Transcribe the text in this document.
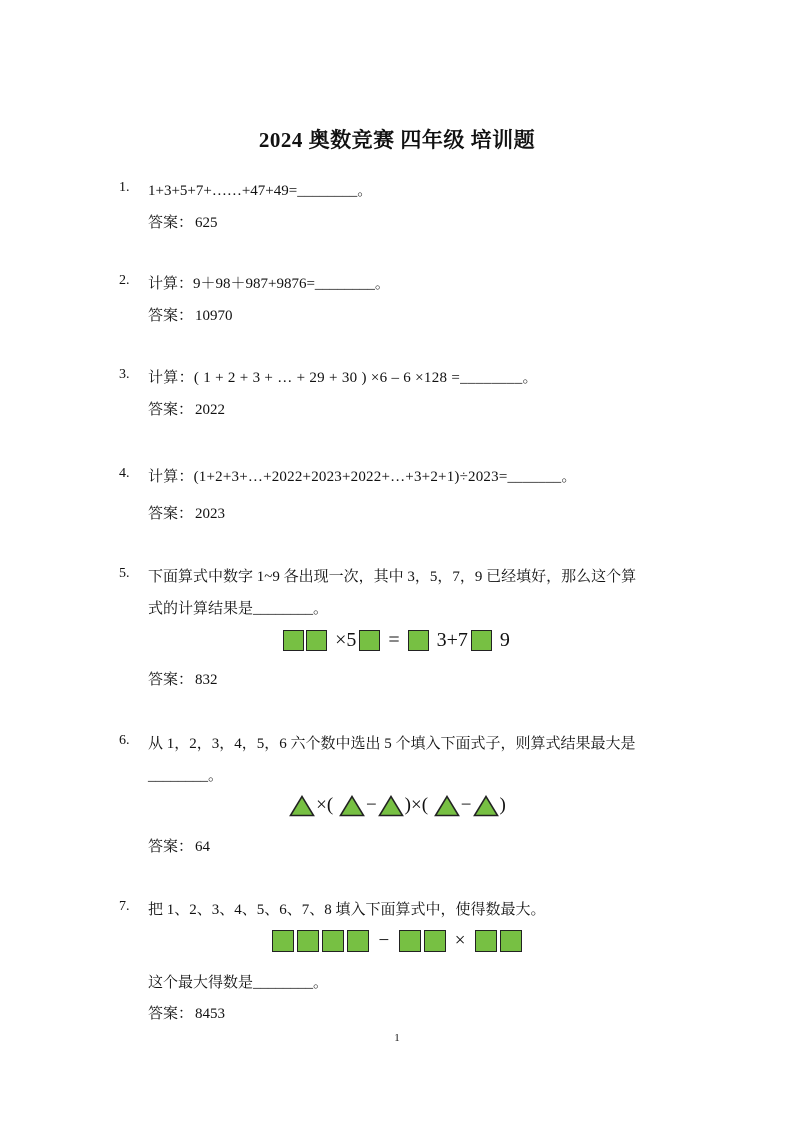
2024 奥数竞赛 四年级 培训题
1. 1+3+5+7+……+47+49=________。
答案： 625
2. 计算：9＋98＋987+9876=________。
答案： 10970
3. 计算：( 1 + 2 + 3 + … + 29 + 30 ) ×6 – 6 ×128 =________。
答案： 2022
4. 计算：(1+2+3+…+2022+2023+2022+…+3+2+1)÷2023=_______。
答案： 2023
5. 下面算式中数字 1~9 各出现一次，其中 3，5，7，9 已经填好，那么这个算
式的计算结果是________。
×5 = 3+7 9
答案： 832
6. 从 1，2，3，4，5，6 六个数中选出 5 个填入下面式子，则算式结果最大是
________。
×( − )×( − )
答案： 64
7. 把 1、2、3、4、5、6、7、8 填入下面算式中，使得数最大。
−	×
这个最大得数是________。
答案： 8453
1
